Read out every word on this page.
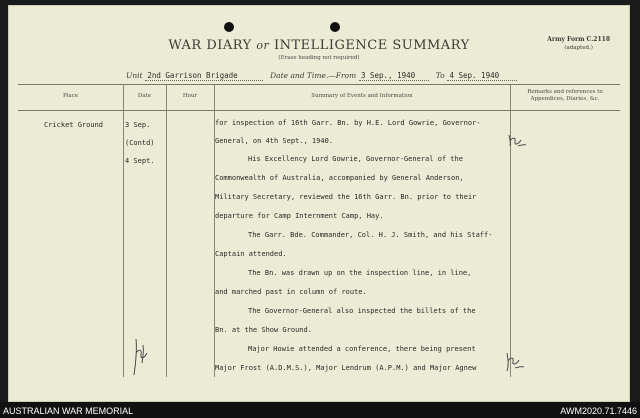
WAR DIARY or INTELLIGENCE SUMMARY
(Erase heading not required)
Army Form C.2118
(adapted.)
Unit 2nd Garrison Brigade	Date and Time.—From 3 Sep., 1940	To 4 Sep. 1940
Place	Date	Hour	Summary of Events and Information
Remarks and references to
Appendices, Diaries, &c.
Cricket Ground	3 Sep.
(Contd)
4 Sept.
for inspection of 16th Garr. Bn. by H.E. Lord Gowrie, Governor-
General, on 4th Sept., 1940.
His Excellency Lord Gowrie, Governor-General of the
Commonwealth of Australia, accompanied by General Anderson,
Military Secretary, reviewed the 16th Garr. Bn. prior to their
departure for Camp Internment Camp, Hay.
The Garr. Bde. Commander, Col. H. J. Smith, and his Staff-
Captain attended.
The Bn. was drawn up on the inspection line, in line,
and marched past in column of route.
The Governor-General also inspected the billets of the
Bn. at the Show Ground.
Major Howie attended a conference, there being present
Major Frost (A.D.M.S.), Major Lendrum (A.P.M.) and Major Agnew
AUSTRALIAN WAR MEMORIAL	AWM2020.71.7446
